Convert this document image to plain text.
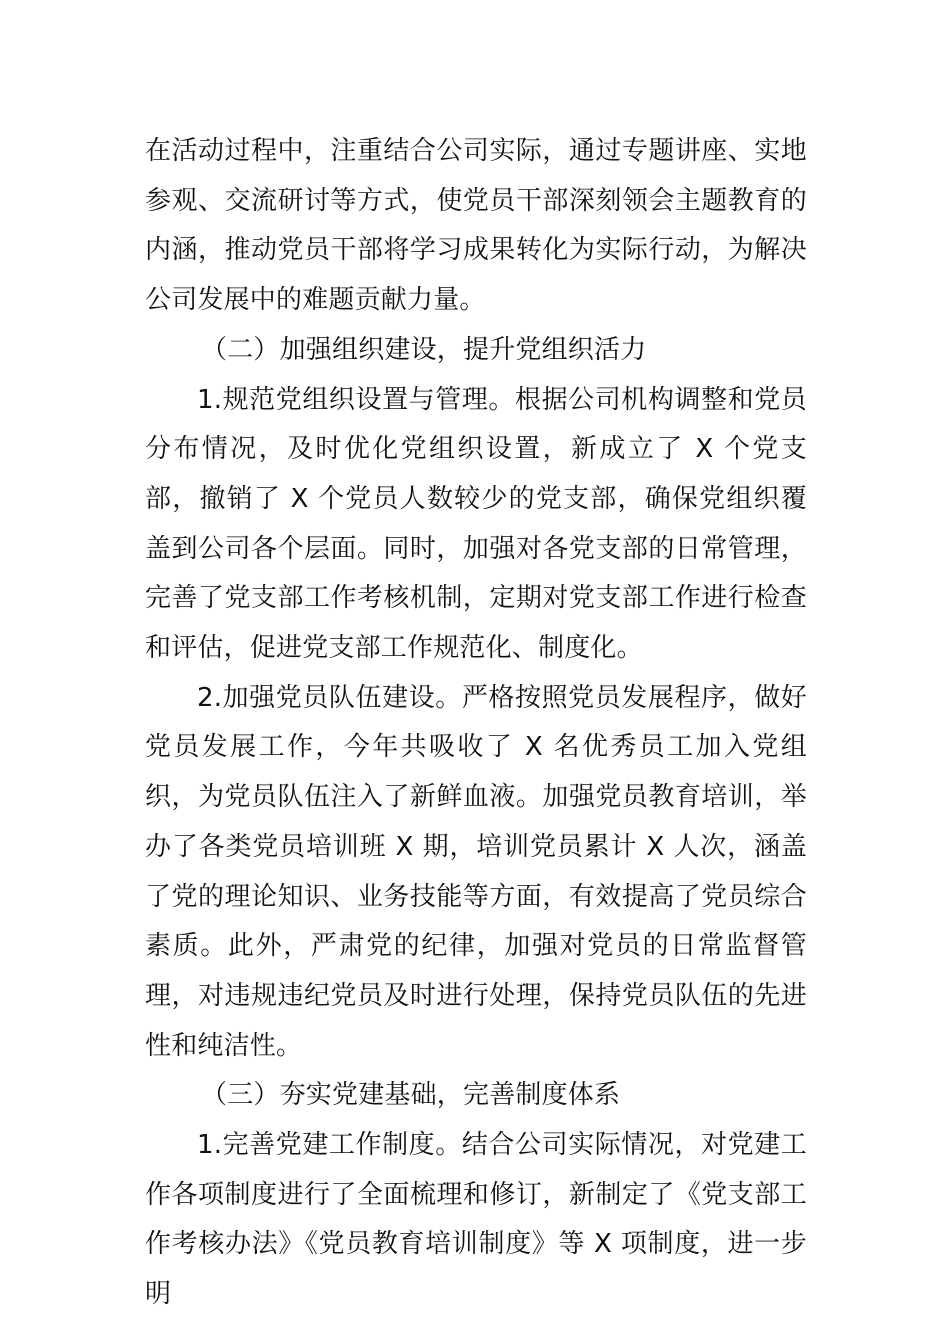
在活动过程中，注重结合公司实际，通过专题讲座、实地参观、交流研讨等方式，使党员干部深刻领会主题教育的内涵，推动党员干部将学习成果转化为实际行动，为解决公司发展中的难题贡献力量。

（二）加强组织建设，提升党组织活力

1.规范党组织设置与管理。根据公司机构调整和党员分布情况，及时优化党组织设置，新成立了 X 个党支部，撤销了 X 个党员人数较少的党支部，确保党组织覆盖到公司各个层面。同时，加强对各党支部的日常管理，完善了党支部工作考核机制，定期对党支部工作进行检查和评估，促进党支部工作规范化、制度化。

2.加强党员队伍建设。严格按照党员发展程序，做好党员发展工作，今年共吸收了 X 名优秀员工加入党组织，为党员队伍注入了新鲜血液。加强党员教育培训，举办了各类党员培训班 X 期，培训党员累计 X 人次，涵盖了党的理论知识、业务技能等方面，有效提高了党员综合素质。此外，严肃党的纪律，加强对党员的日常监督管理，对违规违纪党员及时进行处理，保持党员队伍的先进性和纯洁性。

（三）夯实党建基础，完善制度体系

1.完善党建工作制度。结合公司实际情况，对党建工作各项制度进行了全面梳理和修订，新制定了《党支部工作考核办法》《党员教育培训制度》等 X 项制度，进一步明
